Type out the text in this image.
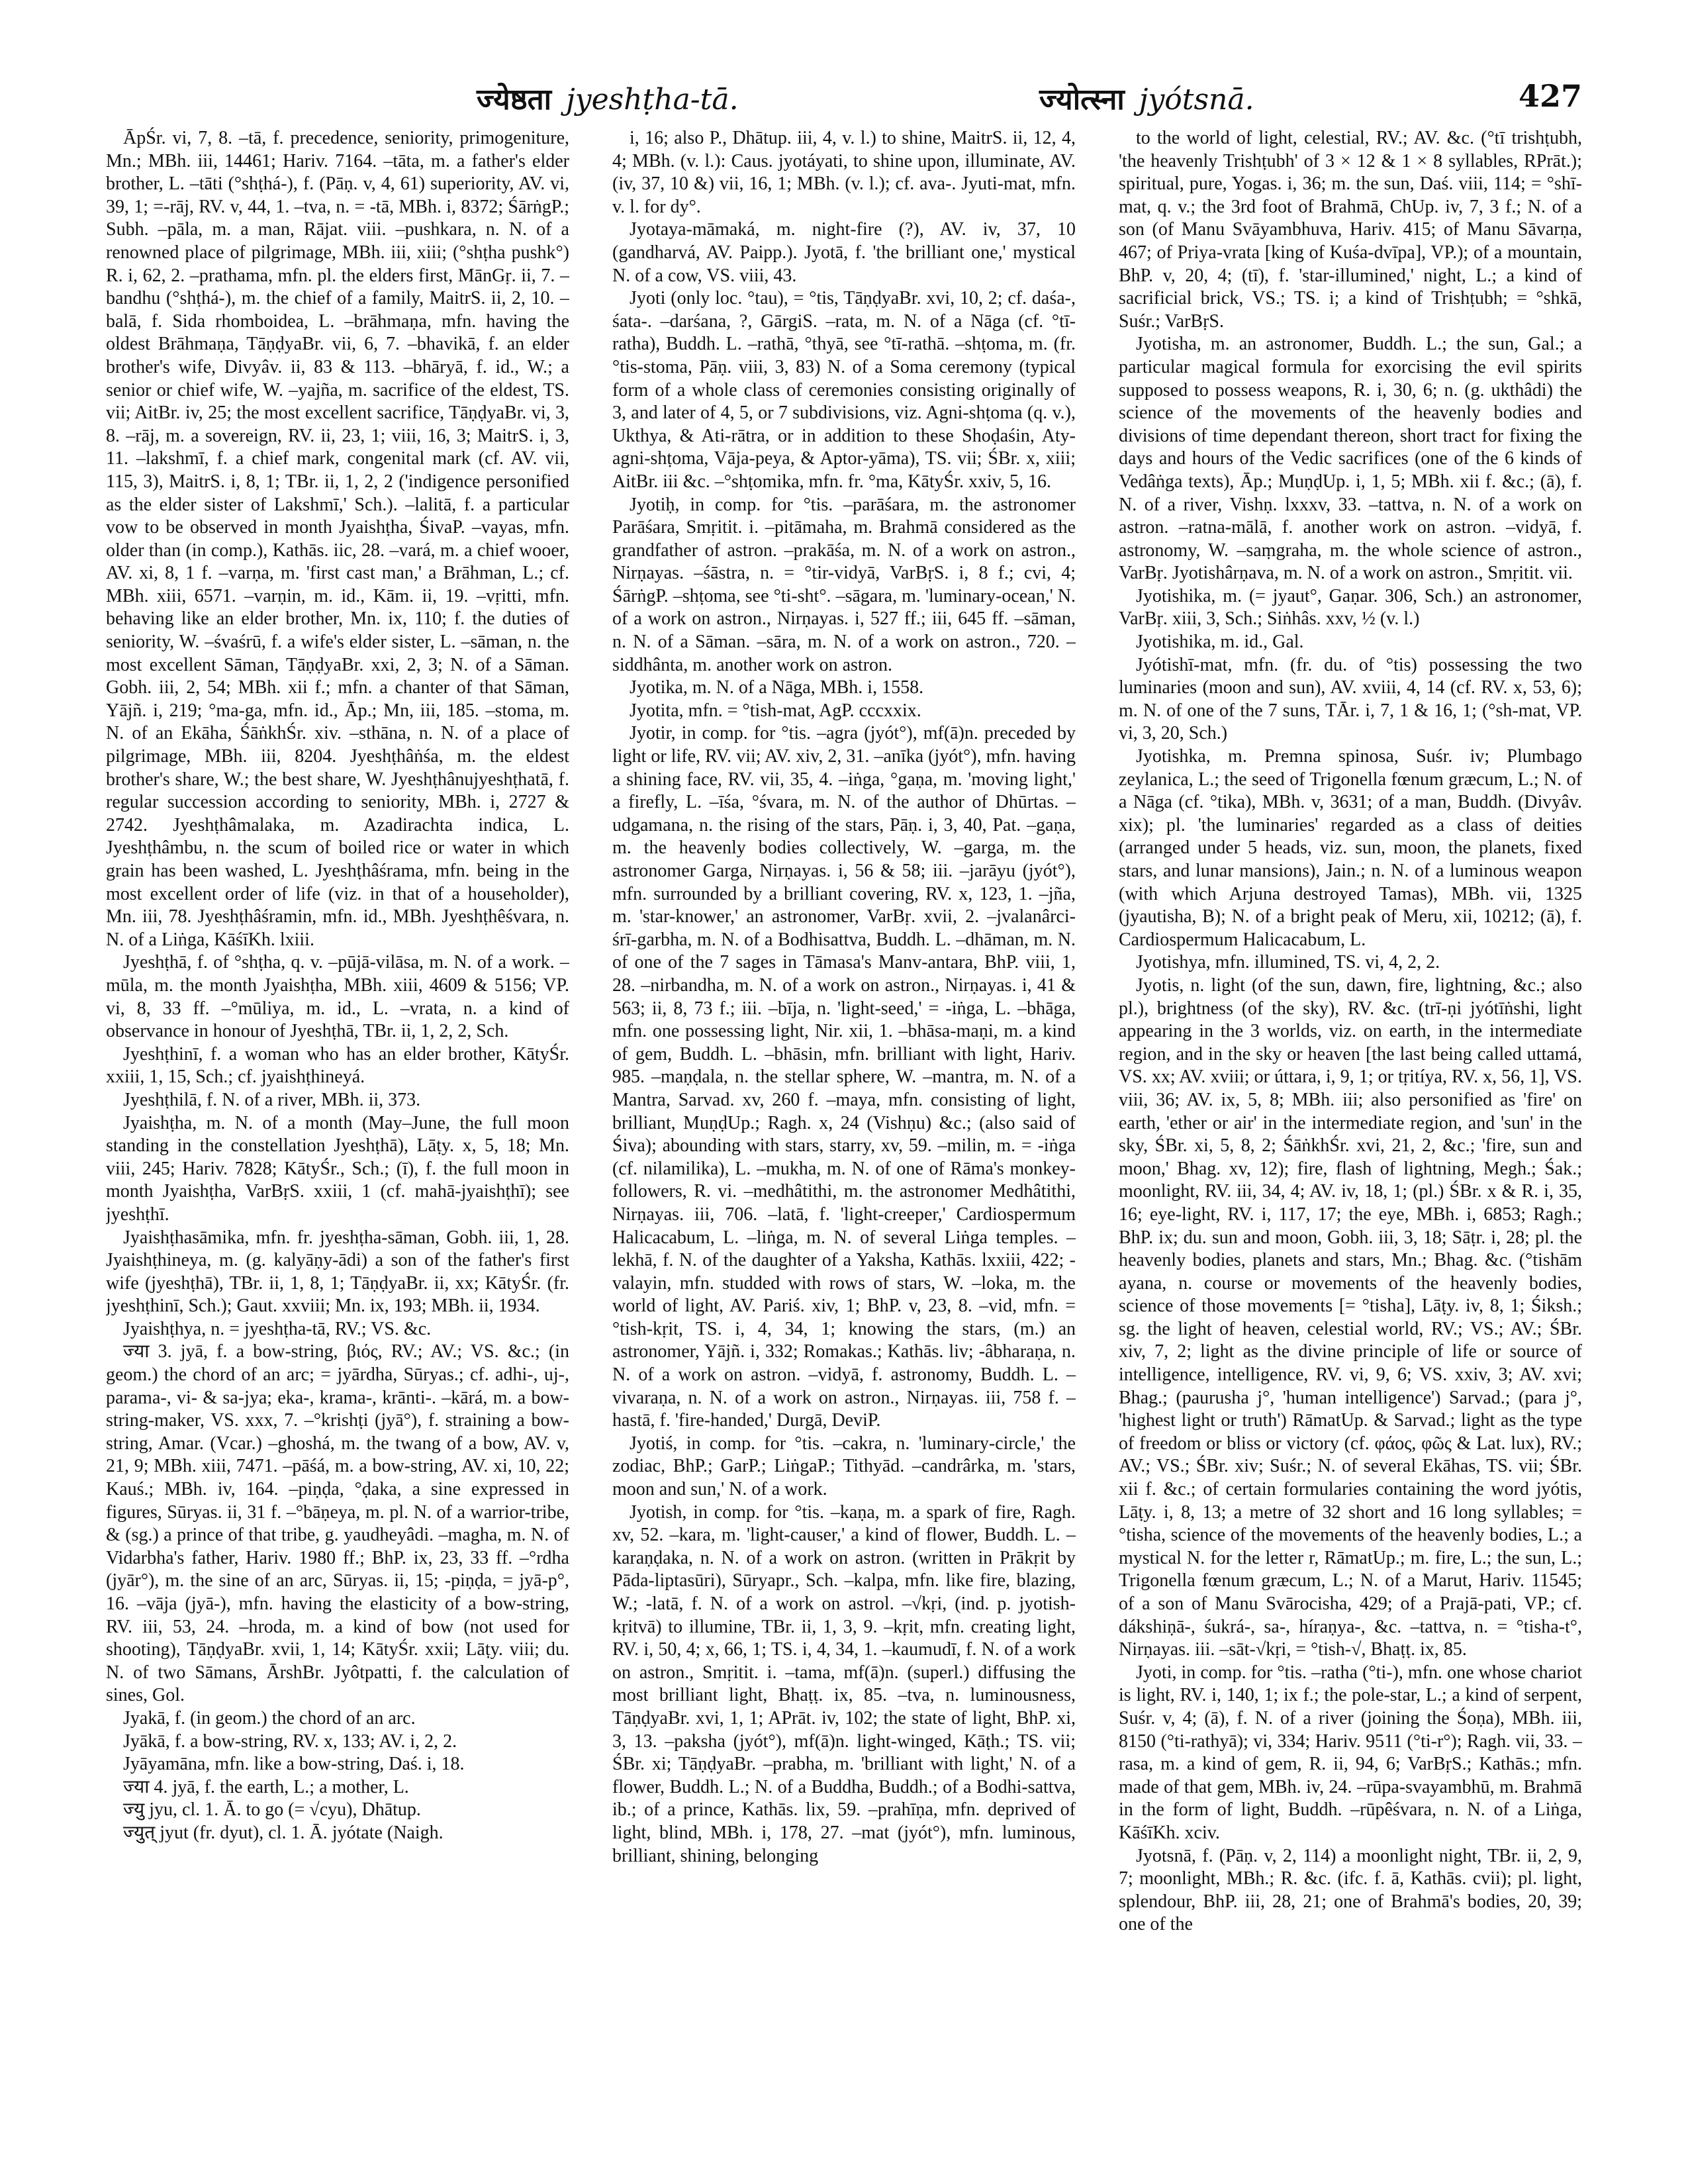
ज्येष्ठता jyeshṭha-tā.	ज्योत्स्ना jyótsnā.	427

ĀpŚr. vi, 7, 8. –tā, f. precedence, seniority, primogeniture, Mn.; MBh. iii, 14461; Hariv. 7164. –tāta, m. a father's elder brother, L. –tāti (°shṭhá-), f. (Pāṇ. v, 4, 61) superiority, AV. vi, 39, 1; =-rāj, RV. v, 44, 1. –tva, n. = -tā, MBh. i, 8372; ŚārṅgP.; Subh. –pāla, m. a man, Rājat. viii. –pushkara, n. N. of a renowned place of pilgrimage, MBh. iii, xiii; (°shṭha pushk°) R. i, 62, 2. –prathama, mfn. pl. the elders first, MānGṛ. ii, 7. –bandhu (°shṭhá-), m. the chief of a family, MaitrS. ii, 2, 10. –balā, f. Sida rhomboidea, L. –brāhmaṇa, mfn. having the oldest Brāhmaṇa, TāṇḍyaBr. vii, 6, 7. –bhavikā, f. an elder brother's wife, Divyâv. ii, 83 & 113. –bhāryā, f. id., W.; a senior or chief wife, W. –yajña, m. sacrifice of the eldest, TS. vii; AitBr. iv, 25; the most excellent sacrifice, TāṇḍyaBr. vi, 3, 8. –rāj, m. a sovereign, RV. ii, 23, 1; viii, 16, 3; MaitrS. i, 3, 11. –lakshmī, f. a chief mark, congenital mark (cf. AV. vii, 115, 3), MaitrS. i, 8, 1; TBr. ii, 1, 2, 2 ('indigence personified as the elder sister of Lakshmī,' Sch.). –lalitā, f. a particular vow to be observed in month Jyaishṭha, ŚivaP. –vayas, mfn. older than (in comp.), Kathās. iic, 28. –vará, m. a chief wooer, AV. xi, 8, 1 f. –varṇa, m. 'first cast man,' a Brāhman, L.; cf. MBh. xiii, 6571. –varṇin, m. id., Kām. ii, 19. –vṛitti, mfn. behaving like an elder brother, Mn. ix, 110; f. the duties of seniority, W. –śvaśrū, f. a wife's elder sister, L. –sāman, n. the most excellent Sāman, TāṇḍyaBr. xxi, 2, 3; N. of a Sāman. Gobh. iii, 2, 54; MBh. xii f.; mfn. a chanter of that Sāman, Yājñ. i, 219; °ma-ga, mfn. id., Āp.; Mn, iii, 185. –stoma, m. N. of an Ekāha, ŚāṅkhŚr. xiv. –sthāna, n. N. of a place of pilgrimage, MBh. iii, 8204. Jyeshṭhâṅśa, m. the eldest brother's share, W.; the best share, W. Jyeshṭhânujyeshṭhatā, f. regular succession according to seniority, MBh. i, 2727 & 2742. Jyeshṭhâmalaka, m. Azadirachta indica, L. Jyeshṭhâmbu, n. the scum of boiled rice or water in which grain has been washed, L. Jyeshṭhâśrama, mfn. being in the most excellent order of life (viz. in that of a householder), Mn. iii, 78. Jyeshṭhâśramin, mfn. id., MBh. Jyeshṭhêśvara, n. N. of a Liṅga, KāśīKh. lxiii.

Jyeshṭhā, f. of °shṭha, q. v. –pūjā-vilāsa, m. N. of a work. –mūla, m. the month Jyaishṭha, MBh. xiii, 4609 & 5156; VP. vi, 8, 33 ff. –°mūliya, m. id., L. –vrata, n. a kind of observance in honour of Jyeshṭhā, TBr. ii, 1, 2, 2, Sch.

Jyeshṭhinī, f. a woman who has an elder brother, KātyŚr. xxiii, 1, 15, Sch.; cf. jyaishṭhineyá.

Jyeshṭhilā, f. N. of a river, MBh. ii, 373.

Jyaishṭha, m. N. of a month (May–June, the full moon standing in the constellation Jyeshṭhā), Lāṭy. x, 5, 18; Mn. viii, 245; Hariv. 7828; KātyŚr., Sch.; (ī), f. the full moon in month Jyaishṭha, VarBṛS. xxiii, 1 (cf. mahā-jyaishṭhī); see jyeshṭhī.

Jyaishṭhasāmika, mfn. fr. jyeshṭha-sāman, Gobh. iii, 1, 28. Jyaishṭhineya, m. (g. kalyāṇy-ādi) a son of the father's first wife (jyeshṭhā), TBr. ii, 1, 8, 1; TāṇḍyaBr. ii, xx; KātyŚr. (fr. jyeshṭhinī, Sch.); Gaut. xxviii; Mn. ix, 193; MBh. ii, 1934.

Jyaishṭhya, n. = jyeshṭha-tā, RV.; VS. &c.

ज्या 3. jyā, f. a bow-string, βιός, RV.; AV.; VS. &c.; (in geom.) the chord of an arc; = jyārdha, Sūryas.; cf. adhi-, uj-, parama-, vi- & sa-jya; eka-, krama-, krānti-. –kārá, m. a bow-string-maker, VS. xxx, 7. –°krishṭi (jyā°), f. straining a bow-string, Amar. (Vcar.) –ghoshá, m. the twang of a bow, AV. v, 21, 9; MBh. xiii, 7471. –pāśá, m. a bow-string, AV. xi, 10, 22; Kauś.; MBh. iv, 164. –piṇḍa, °ḍaka, a sine expressed in figures, Sūryas. ii, 31 f. –°bāṇeya, m. pl. N. of a warrior-tribe, & (sg.) a prince of that tribe, g. yaudheyâdi. –magha, m. N. of Vidarbha's father, Hariv. 1980 ff.; BhP. ix, 23, 33 ff. –°rdha (jyār°), m. the sine of an arc, Sūryas. ii, 15; -piṇḍa, = jyā-p°, 16. –vāja (jyā-), mfn. having the elasticity of a bow-string, RV. iii, 53, 24. –hroda, m. a kind of bow (not used for shooting), TāṇḍyaBr. xvii, 1, 14; KātyŚr. xxii; Lāṭy. viii; du. N. of two Sāmans, ĀrshBr. Jyôtpatti, f. the calculation of sines, Gol.

Jyakā, f. (in geom.) the chord of an arc.

Jyākā, f. a bow-string, RV. x, 133; AV. i, 2, 2.

Jyāyamāna, mfn. like a bow-string, Daś. i, 18.

ज्या 4. jyā, f. the earth, L.; a mother, L.

ज्यु jyu, cl. 1. Ā. to go (= √cyu), Dhātup.

ज्युत् jyut (fr. dyut), cl. 1. Ā. jyótate (Naigh.

i, 16; also P., Dhātup. iii, 4, v. l.) to shine, MaitrS. ii, 12, 4, 4; MBh. (v. l.): Caus. jyotáyati, to shine upon, illuminate, AV. (iv, 37, 10 &) vii, 16, 1; MBh. (v. l.); cf. ava-. Jyuti-mat, mfn. v. l. for dy°.

Jyotaya-māmaká, m. night-fire (?), AV. iv, 37, 10 (gandharvá, AV. Paipp.). Jyotā, f. 'the brilliant one,' mystical N. of a cow, VS. viii, 43.

Jyoti (only loc. °tau), = °tis, TāṇḍyaBr. xvi, 10, 2; cf. daśa-, śata-. –darśana, ?, GārgiS. –rata, m. N. of a Nāga (cf. °tī-ratha), Buddh. L. –rathā, °thyā, see °tī-rathā. –shṭoma, m. (fr. °tis-stoma, Pāṇ. viii, 3, 83) N. of a Soma ceremony (typical form of a whole class of ceremonies consisting originally of 3, and later of 4, 5, or 7 subdivisions, viz. Agni-shṭoma (q. v.), Ukthya, & Ati-rātra, or in addition to these Shoḍaśin, Aty-agni-shṭoma, Vāja-peya, & Aptor-yāma), TS. vii; ŚBr. x, xiii; AitBr. iii &c. –°shṭomika, mfn. fr. °ma, KātyŚr. xxiv, 5, 16.

Jyotiḥ, in comp. for °tis. –parāśara, m. the astronomer Parāśara, Smṛitit. i. –pitāmaha, m. Brahmā considered as the grandfather of astron. –prakāśa, m. N. of a work on astron., Nirṇayas. –śāstra, n. = °tir-vidyā, VarBṛS. i, 8 f.; cvi, 4; ŚārṅgP. –shṭoma, see °ti-sht°. –sāgara, m. 'luminary-ocean,' N. of a work on astron., Nirṇayas. i, 527 ff.; iii, 645 ff. –sāman, n. N. of a Sāman. –sāra, m. N. of a work on astron., 720. –siddhânta, m. another work on astron.

Jyotika, m. N. of a Nāga, MBh. i, 1558.

Jyotita, mfn. = °tish-mat, AgP. cccxxix.

Jyotir, in comp. for °tis. –agra (jyót°), mf(ā)n. preceded by light or life, RV. vii; AV. xiv, 2, 31. –anīka (jyót°), mfn. having a shining face, RV. vii, 35, 4. –iṅga, °gaṇa, m. 'moving light,' a firefly, L. –īśa, °śvara, m. N. of the author of Dhūrtas. –udgamana, n. the rising of the stars, Pāṇ. i, 3, 40, Pat. –gaṇa, m. the heavenly bodies collectively, W. –garga, m. the astronomer Garga, Nirṇayas. i, 56 & 58; iii. –jarāyu (jyót°), mfn. surrounded by a brilliant covering, RV. x, 123, 1. –jña, m. 'star-knower,' an astronomer, VarBṛ. xvii, 2. –jvalanârci-śrī-garbha, m. N. of a Bodhisattva, Buddh. L. –dhāman, m. N. of one of the 7 sages in Tāmasa's Manv-antara, BhP. viii, 1, 28. –nirbandha, m. N. of a work on astron., Nirṇayas. i, 41 & 563; ii, 8, 73 f.; iii. –bīja, n. 'light-seed,' = -iṅga, L. –bhāga, mfn. one possessing light, Nir. xii, 1. –bhāsa-maṇi, m. a kind of gem, Buddh. L. –bhāsin, mfn. brilliant with light, Hariv. 985. –maṇḍala, n. the stellar sphere, W. –mantra, m. N. of a Mantra, Sarvad. xv, 260 f. –maya, mfn. consisting of light, brilliant, MuṇḍUp.; Ragh. x, 24 (Vishṇu) &c.; (also said of Śiva); abounding with stars, starry, xv, 59. –milin, m. = -iṅga (cf. nilamilika), L. –mukha, m. N. of one of Rāma's monkey-followers, R. vi. –medhâtithi, m. the astronomer Medhâtithi, Nirṇayas. iii, 706. –latā, f. 'light-creeper,' Cardiospermum Halicacabum, L. –liṅga, m. N. of several Liṅga temples. –lekhā, f. N. of the daughter of a Yaksha, Kathās. lxxiii, 422; -valayin, mfn. studded with rows of stars, W. –loka, m. the world of light, AV. Pariś. xiv, 1; BhP. v, 23, 8. –vid, mfn. = °tish-kṛit, TS. i, 4, 34, 1; knowing the stars, (m.) an astronomer, Yājñ. i, 332; Romakas.; Kathās. liv; -âbharaṇa, n. N. of a work on astron. –vidyā, f. astronomy, Buddh. L. –vivaraṇa, n. N. of a work on astron., Nirṇayas. iii, 758 f. –hastā, f. 'fire-handed,' Durgā, DeviP.

Jyotiś, in comp. for °tis. –cakra, n. 'luminary-circle,' the zodiac, BhP.; GarP.; LiṅgaP.; Tithyād. –candrârka, m. 'stars, moon and sun,' N. of a work.

Jyotish, in comp. for °tis. –kaṇa, m. a spark of fire, Ragh. xv, 52. –kara, m. 'light-causer,' a kind of flower, Buddh. L. –karaṇḍaka, n. N. of a work on astron. (written in Prākṛit by Pāda-liptasūri), Sūryapr., Sch. –kalpa, mfn. like fire, blazing, W.; -latā, f. N. of a work on astrol. –√kṛi, (ind. p. jyotish-kṛitvā) to illumine, TBr. ii, 1, 3, 9. –kṛit, mfn. creating light, RV. i, 50, 4; x, 66, 1; TS. i, 4, 34, 1. –kaumudī, f. N. of a work on astron., Smṛitit. i. –tama, mf(ā)n. (superl.) diffusing the most brilliant light, Bhaṭṭ. ix, 85. –tva, n. luminousness, TāṇḍyaBr. xvi, 1, 1; APrāt. iv, 102; the state of light, BhP. xi, 3, 13. –paksha (jyót°), mf(ā)n. light-winged, Kāṭh.; TS. vii; ŚBr. xi; TāṇḍyaBr. –prabha, m. 'brilliant with light,' N. of a flower, Buddh. L.; N. of a Buddha, Buddh.; of a Bodhi-sattva, ib.; of a prince, Kathās. lix, 59. –prahīṇa, mfn. deprived of light, blind, MBh. i, 178, 27. –mat (jyót°), mfn. luminous, brilliant, shining, belonging

to the world of light, celestial, RV.; AV. &c. (°tī trishṭubh, 'the heavenly Trishṭubh' of 3 × 12 & 1 × 8 syllables, RPrāt.); spiritual, pure, Yogas. i, 36; m. the sun, Daś. viii, 114; = °shī-mat, q. v.; the 3rd foot of Brahmā, ChUp. iv, 7, 3 f.; N. of a son (of Manu Svāyambhuva, Hariv. 415; of Manu Sāvarṇa, 467; of Priya-vrata [king of Kuśa-dvīpa], VP.); of a mountain, BhP. v, 20, 4; (tī), f. 'star-illumined,' night, L.; a kind of sacrificial brick, VS.; TS. i; a kind of Trishṭubh; = °shkā, Suśr.; VarBṛS.

Jyotisha, m. an astronomer, Buddh. L.; the sun, Gal.; a particular magical formula for exorcising the evil spirits supposed to possess weapons, R. i, 30, 6; n. (g. ukthâdi) the science of the movements of the heavenly bodies and divisions of time dependant thereon, short tract for fixing the days and hours of the Vedic sacrifices (one of the 6 kinds of Vedâṅga texts), Āp.; MuṇḍUp. i, 1, 5; MBh. xii f. &c.; (ā), f. N. of a river, Vishṇ. lxxxv, 33. –tattva, n. N. of a work on astron. –ratna-mālā, f. another work on astron. –vidyā, f. astronomy, W. –saṃgraha, m. the whole science of astron., VarBṛ. Jyotishârṇava, m. N. of a work on astron., Smṛitit. vii.

Jyotishika, m. (= jyaut°, Gaṇar. 306, Sch.) an astronomer, VarBṛ. xiii, 3, Sch.; Siṅhâs. xxv, ½ (v. l.)

Jyotishika, m. id., Gal.

Jyótishī-mat, mfn. (fr. du. of °tis) possessing the two luminaries (moon and sun), AV. xviii, 4, 14 (cf. RV. x, 53, 6); m. N. of one of the 7 suns, TĀr. i, 7, 1 & 16, 1; (°sh-mat, VP. vi, 3, 20, Sch.)

Jyotishka, m. Premna spinosa, Suśr. iv; Plumbago zeylanica, L.; the seed of Trigonella fœnum græcum, L.; N. of a Nāga (cf. °tika), MBh. v, 3631; of a man, Buddh. (Divyâv. xix); pl. 'the luminaries' regarded as a class of deities (arranged under 5 heads, viz. sun, moon, the planets, fixed stars, and lunar mansions), Jain.; n. N. of a luminous weapon (with which Arjuna destroyed Tamas), MBh. vii, 1325 (jyautisha, B); N. of a bright peak of Meru, xii, 10212; (ā), f. Cardiospermum Halicacabum, L.

Jyotishya, mfn. illumined, TS. vi, 4, 2, 2.

Jyotis, n. light (of the sun, dawn, fire, lightning, &c.; also pl.), brightness (of the sky), RV. &c. (trī-ṇi jyótīṅshi, light appearing in the 3 worlds, viz. on earth, in the intermediate region, and in the sky or heaven [the last being called uttamá, VS. xx; AV. xviii; or úttara, i, 9, 1; or tṛitíya, RV. x, 56, 1], VS. viii, 36; AV. ix, 5, 8; MBh. iii; also personified as 'fire' on earth, 'ether or air' in the intermediate region, and 'sun' in the sky, ŚBr. xi, 5, 8, 2; ŚāṅkhŚr. xvi, 21, 2, &c.; 'fire, sun and moon,' Bhag. xv, 12); fire, flash of lightning, Megh.; Śak.; moonlight, RV. iii, 34, 4; AV. iv, 18, 1; (pl.) ŚBr. x & R. i, 35, 16; eye-light, RV. i, 117, 17; the eye, MBh. i, 6853; Ragh.; BhP. ix; du. sun and moon, Gobh. iii, 3, 18; Sāṭr. i, 28; pl. the heavenly bodies, planets and stars, Mn.; Bhag. &c. (°tishām ayana, n. course or movements of the heavenly bodies, science of those movements [= °tisha], Lāṭy. iv, 8, 1; Śiksh.; sg. the light of heaven, celestial world, RV.; VS.; AV.; ŚBr. xiv, 7, 2; light as the divine principle of life or source of intelligence, intelligence, RV. vi, 9, 6; VS. xxiv, 3; AV. xvi; Bhag.; (paurusha j°, 'human intelligence') Sarvad.; (para j°, 'highest light or truth') RāmatUp. & Sarvad.; light as the type of freedom or bliss or victory (cf. φάος, φῶς & Lat. lux), RV.; AV.; VS.; ŚBr. xiv; Suśr.; N. of several Ekāhas, TS. vii; ŚBr. xii f. &c.; of certain formularies containing the word jyótis, Lāṭy. i, 8, 13; a metre of 32 short and 16 long syllables; = °tisha, science of the movements of the heavenly bodies, L.; a mystical N. for the letter r, RāmatUp.; m. fire, L.; the sun, L.; Trigonella fœnum græcum, L.; N. of a Marut, Hariv. 11545; of a son of Manu Svārocisha, 429; of a Prajā-pati, VP.; cf. dákshiṇā-, śukrá-, sa-, híraṇya-, &c. –tattva, n. = °tisha-t°, Nirṇayas. iii. –sāt-√kṛi, = °tish-√, Bhaṭṭ. ix, 85.

Jyoti, in comp. for °tis. –ratha (°ti-), mfn. one whose chariot is light, RV. i, 140, 1; ix f.; the pole-star, L.; a kind of serpent, Suśr. v, 4; (ā), f. N. of a river (joining the Śoṇa), MBh. iii, 8150 (°ti-rathyā); vi, 334; Hariv. 9511 (°ti-r°); Ragh. vii, 33. –rasa, m. a kind of gem, R. ii, 94, 6; VarBṛS.; Kathās.; mfn. made of that gem, MBh. iv, 24. –rūpa-svayambhū, m. Brahmā in the form of light, Buddh. –rūpêśvara, n. N. of a Liṅga, KāśīKh. xciv.

Jyotsnā, f. (Pāṇ. v, 2, 114) a moonlight night, TBr. ii, 2, 9, 7; moonlight, MBh.; R. &c. (ifc. f. ā, Kathās. cvii); pl. light, splendour, BhP. iii, 28, 21; one of Brahmā's bodies, 20, 39; one of the
